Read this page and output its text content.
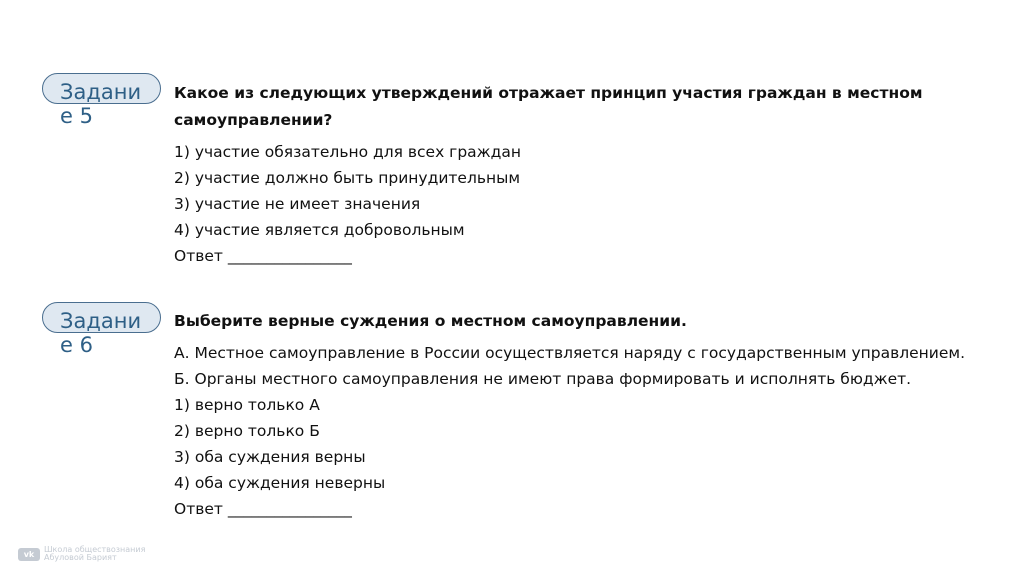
Задание 5

Какое из следующих утверждений отражает принцип участия граждан в местном самоуправлении?

1) участие обязательно для всех граждан

2) участие должно быть принудительным

3) участие не имеет значения

4) участие является добровольным

Ответ ________________

Задание 6

Выберите верные суждения о местном самоуправлении.

А. Местное самоуправление в России осуществляется наряду с государственным управлением.

Б. Органы местного самоуправления не имеют права формировать и исполнять бюджет.

1) верно только А

2) верно только Б

3) оба суждения верны

4) оба суждения неверны

Ответ ________________

vk	Школа обществознания
Абуловой Барият
